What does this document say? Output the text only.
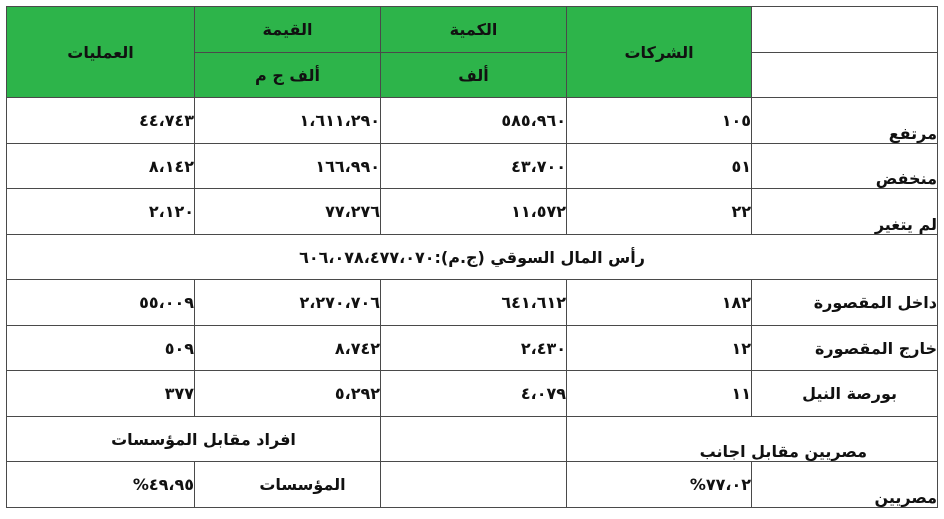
	الشركات	الكمية	القيمة	العمليات
		ألف	ألف ج م	
مرتفع	١٠٥	٥٨٥،٩٦٠	١،٦١١،٢٩٠	٤٤،٧٤٣
منخفض	٥١	٤٣،٧٠٠	١٦٦،٩٩٠	٨،١٤٢
لم يتغير	٢٢	١١،٥٧٢	٧٧،٢٧٦	٢،١٢٠
رأس المال السوقي (ج.م):٦٠٦،٠٧٨،٤٧٧،٠٧٠				
داخل المقصورة	١٨٢	٦٤١،٦١٢	٢،٢٧٠،٧٠٦	٥٥،٠٠٩
خارج المقصورة	١٢	٢،٤٣٠	٨،٧٤٢	٥٠٩
بورصة النيل	١١	٤،٠٧٩	٥،٢٩٢	٣٧٧
مصريين مقابل اجانب			افراد مقابل المؤسسات	
مصريين	٧٧،٠٢%		المؤسسات	٤٩،٩٥%
